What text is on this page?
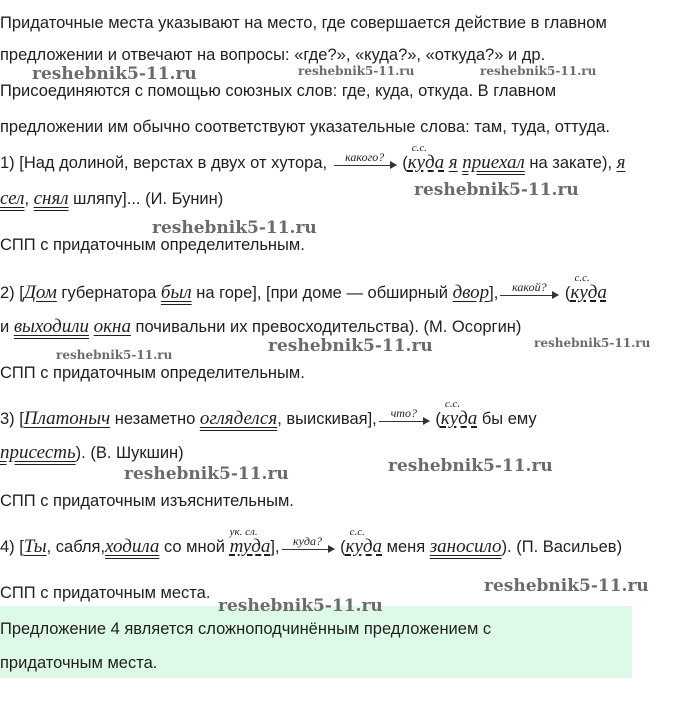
Придаточные места указывают на место, где совершается действие в главном
предложении и отвечают на вопросы: «где?», «куда?», «откуда?» и др.
Присоединяются с помощью союзных слов: где, куда, откуда. В главном
предложении им обычно соответствуют указательные слова: там, туда, оттуда.
1) [Над долиной, верстах в двух от хутора,	какого? (
с.с.
куда я приехал на закате), я
сел, снял шляпу]... (И. Бунин)
СПП с придаточным определительным.
2) [Дом губернатора был на горе], [при доме — обширный двор],	какой? (
с.с.
куда
и выходили окна почивальни их превосходительства). (М. Осоргин)
СПП с придаточным определительным.
3) [Платоныч незаметно огляделся, выискивая],	что? (
с.с.
куда бы ему
присесть). (В. Шукшин)
СПП с придаточным изъяснительным.
4) [Ты, сабля,ходила со мной
ук. сл.
туда],	куда? (
с.с.
куда меня заносило). (П. Васильев)
СПП с придаточным места.
Предложение 4 является сложноподчинённым предложением с
придаточным места.
reshebnik5-11.ru	reshebnik5-11.ru	reshebnik5-11.ru
reshebnik5-11.ru
reshebnik5-11.ru
reshebnik5-11.ru	reshebnik5-11.ru	reshebnik5-11.ru
reshebnik5-11.ru	reshebnik5-11.ru
reshebnik5-11.ru
reshebnik5-11.ru
